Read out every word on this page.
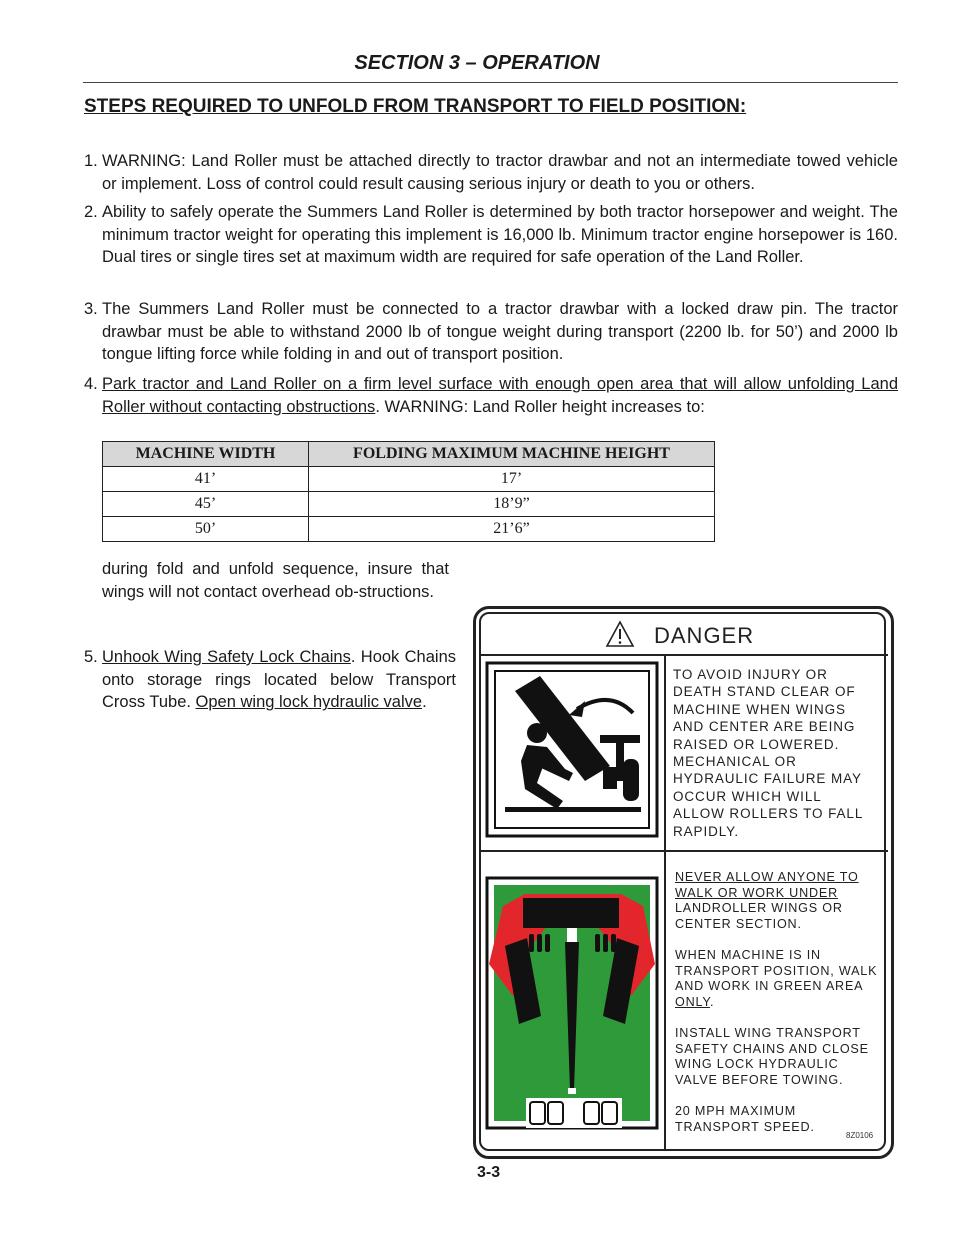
SECTION 3 – OPERATION
STEPS REQUIRED TO UNFOLD FROM TRANSPORT TO FIELD POSITION:
1. WARNING: Land Roller must be attached directly to tractor drawbar and not an intermediate towed vehicle or implement. Loss of control could result causing serious injury or death to you or others.
2. Ability to safely operate the Summers Land Roller is determined by both tractor horsepower and weight. The minimum tractor weight for operating this implement is 16,000 lb. Minimum tractor engine horsepower is 160. Dual tires or single tires set at maximum width are required for safe operation of the Land Roller.
3. The Summers Land Roller must be connected to a tractor drawbar with a locked draw pin. The tractor drawbar must be able to withstand 2000 lb of tongue weight during transport (2200 lb. for 50’) and 2000 lb tongue lifting force while folding in and out of transport position.
4. Park tractor and Land Roller on a firm level surface with enough open area that will allow unfolding Land Roller without contacting obstructions. WARNING: Land Roller height increases to:
MACHINE WIDTH	FOLDING MAXIMUM MACHINE HEIGHT
41’	17’
45’	18’9”
50’	21’6”
during fold and unfold sequence, insure that wings will not contact overhead ob-structions.
5. Unhook Wing Safety Lock Chains. Hook Chains onto storage rings located below Transport Cross Tube. Open wing lock hydraulic valve.
DANGER
TO AVOID INJURY OR
DEATH STAND CLEAR OF
MACHINE WHEN WINGS
AND CENTER ARE BEING
RAISED OR LOWERED.
MECHANICAL OR
HYDRAULIC FAILURE MAY
OCCUR WHICH WILL
ALLOW ROLLERS TO FALL
RAPIDLY.
NEVER ALLOW ANYONE TO
WALK OR WORK UNDER
LANDROLLER WINGS OR
CENTER SECTION.
WHEN MACHINE IS IN
TRANSPORT POSITION, WALK
AND WORK IN GREEN AREA
ONLY.
INSTALL WING TRANSPORT
SAFETY CHAINS AND CLOSE
WING LOCK HYDRAULIC
VALVE BEFORE TOWING.
20 MPH MAXIMUM
TRANSPORT SPEED.
8Z0106
3-3
